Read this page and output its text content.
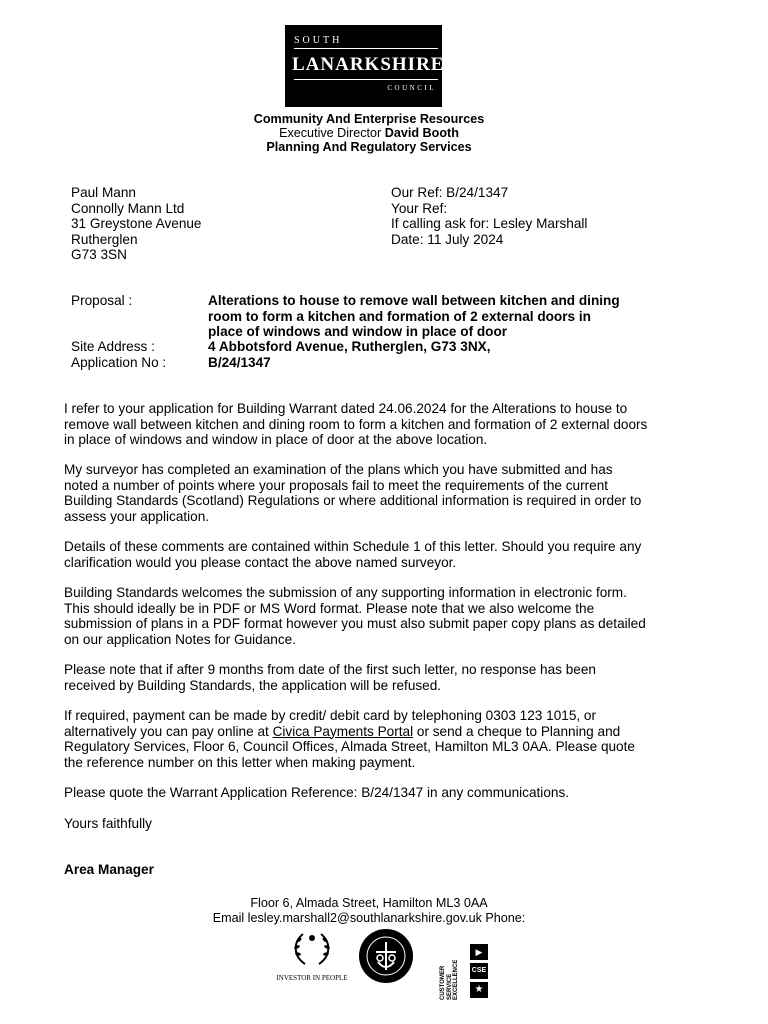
SOUTH
LANARKSHIRE
COUNCIL
Community And Enterprise Resources
Executive Director David Booth
Planning And Regulatory Services
Paul Mann
Connolly Mann Ltd
31 Greystone Avenue
Rutherglen
G73 3SN
Our Ref: B/24/1347
Your Ref:
If calling ask for: Lesley Marshall
Date: 11 July 2024
Proposal :	Alterations to house to remove wall between kitchen and dining
room to form a kitchen and formation of 2 external doors in
place of windows and window in place of door
Site Address :	4 Abbotsford Avenue, Rutherglen, G73 3NX,
Application No :	B/24/1347

I refer to your application for Building Warrant dated 24.06.2024 for the Alterations to house to

remove wall between kitchen and dining room to form a kitchen and formation of 2 external doors

in place of windows and window in place of door at the above location.

My surveyor has completed an examination of the plans which you have submitted and has

noted a number of points where your proposals fail to meet the requirements of the current

Building Standards (Scotland) Regulations or where additional information is required in order to

assess your application.

Details of these comments are contained within Schedule 1 of this letter. Should you require any

clarification would you please contact the above named surveyor.

Building Standards welcomes the submission of any supporting information in electronic form.

This should ideally be in PDF or MS Word format. Please note that we also welcome the

submission of plans in a PDF format however you must also submit paper copy plans as detailed

on our application Notes for Guidance.

Please note that if after 9 months from date of the first such letter, no response has been

received by Building Standards, the application will be refused.

If required, payment can be made by credit/ debit card by telephoning 0303 123 1015, or

alternatively you can pay online at Civica Payments Portal or send a cheque to Planning and

Regulatory Services, Floor 6, Council Offices, Almada Street, Hamilton ML3 0AA. Please quote

the reference number on this letter when making payment.

Please quote the Warrant Application Reference: B/24/1347 in any communications.

Yours faithfully

Area Manager

Floor 6, Almada Street, Hamilton ML3 0AA
Email lesley.marshall2@southlanarkshire.gov.uk Phone:
INVESTOR IN PEOPLE	CUSTOMER SERVICE EXCELLENCE
▶
CSE
★
